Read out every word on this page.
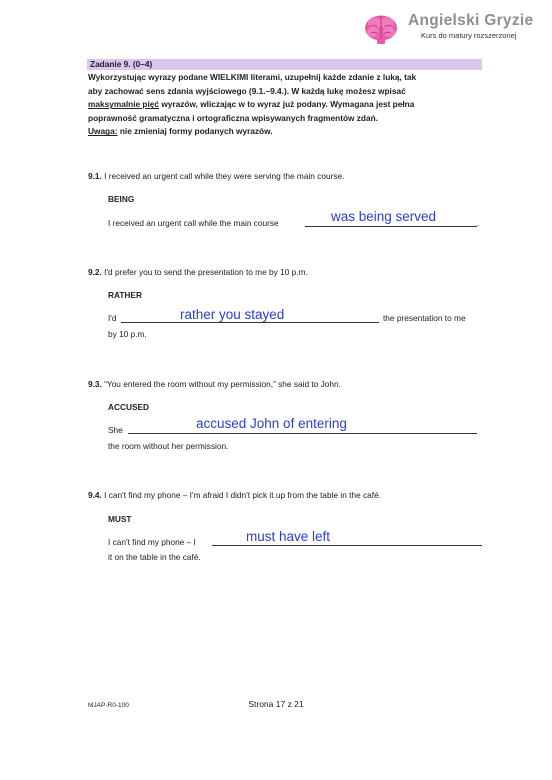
Angielski Gryzie
Kurs do matury rozszerzonej
Zadanie 9. (0–4)
Wykorzystując wyrazy podane WIELKIMI literami, uzupełnij każde zdanie z luką, tak
aby zachować sens zdania wyjściowego (9.1.–9.4.). W każdą lukę możesz wpisać
maksymalnie pięć wyrazów, wliczając w to wyraz już podany. Wymagana jest pełna
poprawność gramatyczna i ortograficzna wpisywanych fragmentów zdań.
Uwaga: nie zmieniaj formy podanych wyrazów.
9.1. I received an urgent call while they were serving the main course.
BEING
I received an urgent call while the main course	.
was being served
9.2. I'd prefer you to send the presentation to me by 10 p.m.
RATHER
I'd	the presentation to me
by 10 p.m.
rather you stayed
9.3. “You entered the room without my permission,” she said to John.
ACCUSED
She
the room without her permission.
accused John of entering
9.4. I can't find my phone – I'm afraid I didn't pick it up from the table in the café.
MUST
I can't find my phone – I
it on the table in the café.
must have left
MJAP-R0-100	Strona 17 z 21
